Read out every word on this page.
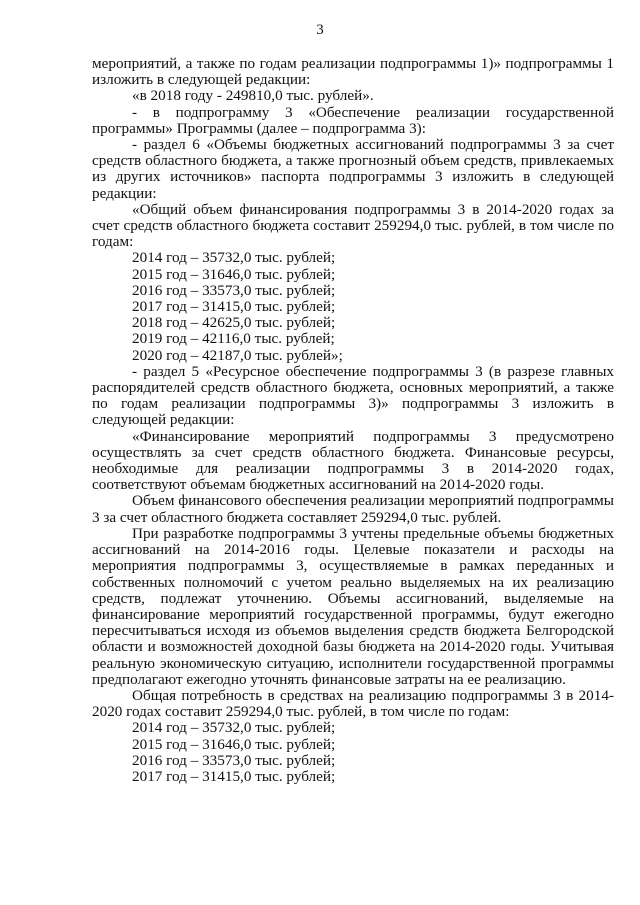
3

мероприятий, а также по годам реализации подпрограммы 1)» подпрограммы 1 изложить в следующей редакции:

«в 2018 году - 249810,0 тыс. рублей».

- в подпрограмму 3 «Обеспечение реализации государственной программы» Программы (далее – подпрограмма 3):

- раздел 6 «Объемы бюджетных ассигнований подпрограммы 3 за счет средств областного бюджета, а также прогнозный объем средств, привлекаемых из других источников» паспорта подпрограммы 3 изложить в следующей редакции:

«Общий объем финансирования подпрограммы 3 в 2014-2020 годах за счет средств областного бюджета составит 259294,0 тыс. рублей, в том числе по годам:

2014 год – 35732,0 тыс. рублей;

2015 год – 31646,0 тыс. рублей;

2016 год – 33573,0 тыс. рублей;

2017 год – 31415,0 тыс. рублей;

2018 год – 42625,0 тыс. рублей;

2019 год – 42116,0 тыс. рублей;

2020 год – 42187,0 тыс. рублей»;

- раздел 5 «Ресурсное обеспечение подпрограммы 3 (в разрезе главных распорядителей средств областного бюджета, основных мероприятий, а также по годам реализации подпрограммы 3)» подпрограммы 3 изложить в следующей редакции:

«Финансирование мероприятий подпрограммы 3 предусмотрено осуществлять за счет средств областного бюджета. Финансовые ресурсы, необходимые для реализации подпрограммы 3 в 2014-2020 годах, соответствуют объемам бюджетных ассигнований на 2014-2020 годы.

Объем финансового обеспечения реализации мероприятий подпрограммы 3 за счет областного бюджета составляет 259294,0 тыс. рублей.

При разработке подпрограммы 3 учтены предельные объемы бюджетных ассигнований на 2014-2016 годы. Целевые показатели и расходы на мероприятия подпрограммы 3, осуществляемые в рамках переданных и собственных полномочий с учетом реально выделяемых на их реализацию средств, подлежат уточнению. Объемы ассигнований, выделяемые на финансирование мероприятий государственной программы, будут ежегодно пересчитываться исходя из объемов выделения средств бюджета Белгородской области и возможностей доходной базы бюджета на 2014-2020 годы. Учитывая реальную экономическую ситуацию, исполнители государственной программы предполагают ежегодно уточнять финансовые затраты на ее реализацию.

Общая потребность в средствах на реализацию подпрограммы 3 в 2014-2020 годах составит 259294,0 тыс. рублей, в том числе по годам:

2014 год – 35732,0 тыс. рублей;

2015 год – 31646,0 тыс. рублей;

2016 год – 33573,0 тыс. рублей;

2017 год – 31415,0 тыс. рублей;
